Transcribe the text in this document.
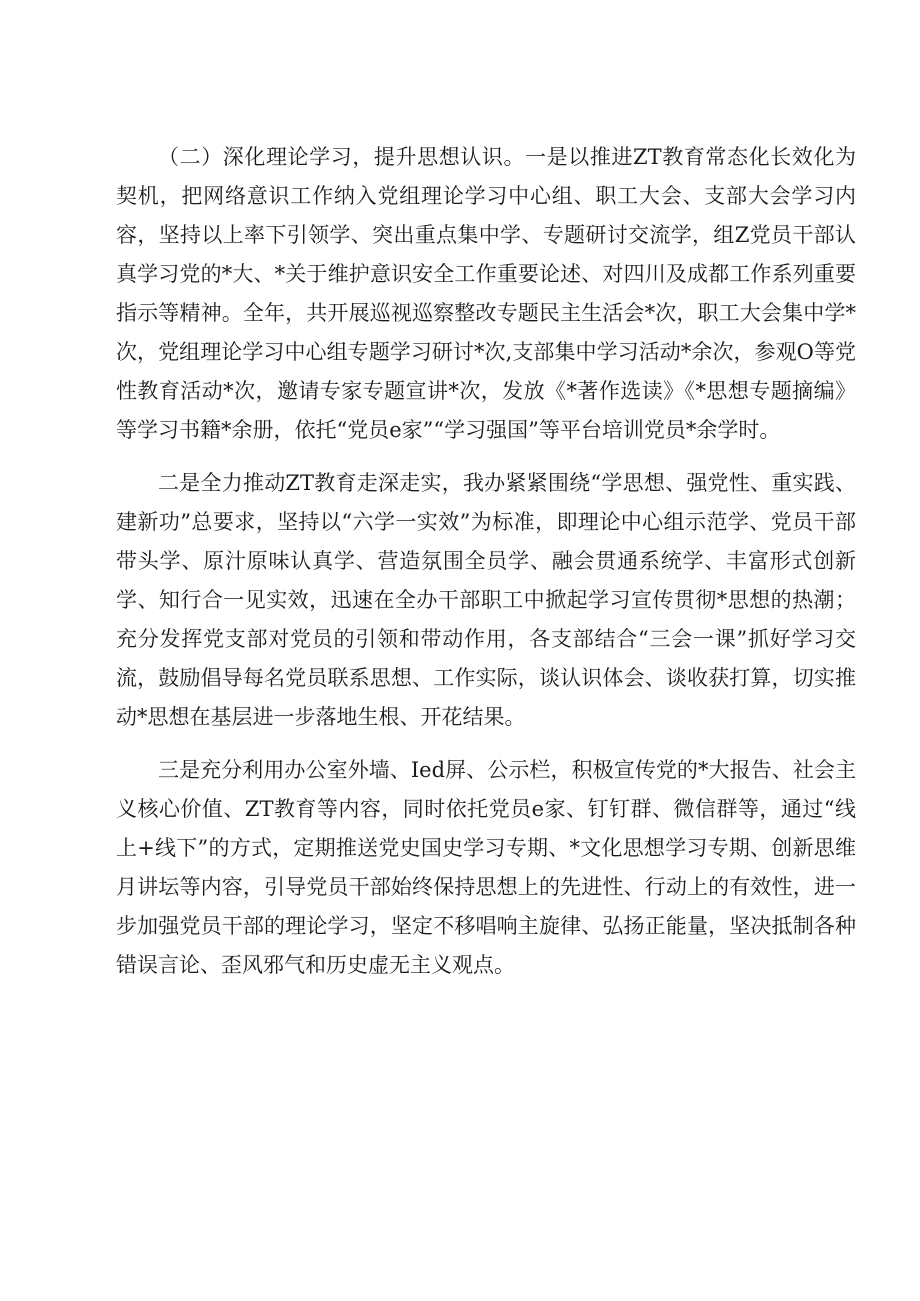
（二）深化理论学习，提升思想认识。一是以推进ZT教育常态化长效化为契机，把网络意识工作纳入党组理论学习中心组、职工大会、支部大会学习内容，坚持以上率下引领学、突出重点集中学、专题研讨交流学，组Z党员干部认真学习党的*大、*关于维护意识安全工作重要论述、对四川及成都工作系列重要指示等精神。全年，共开展巡视巡察整改专题民主生活会*次，职工大会集中学*次，党组理论学习中心组专题学习研讨*次,支部集中学习活动*余次，参观O等党性教育活动*次，邀请专家专题宣讲*次，发放《*著作选读》《*思想专题摘编》等学习书籍*余册，依托“党员e家”“学习强国”等平台培训党员*余学时。

二是全力推动ZT教育走深走实，我办紧紧围绕“学思想、强党性、重实践、建新功”总要求，坚持以“六学一实效”为标准，即理论中心组示范学、党员干部带头学、原汁原味认真学、营造氛围全员学、融会贯通系统学、丰富形式创新学、知行合一见实效，迅速在全办干部职工中掀起学习宣传贯彻*思想的热潮；充分发挥党支部对党员的引领和带动作用，各支部结合“三会一课”抓好学习交流，鼓励倡导每名党员联系思想、工作实际，谈认识体会、谈收获打算，切实推动*思想在基层进一步落地生根、开花结果。

三是充分利用办公室外墙、Ied屏、公示栏，积极宣传党的*大报告、社会主义核心价值、ZT教育等内容，同时依托党员e家、钉钉群、微信群等，通过“线上+线下”的方式，定期推送党史国史学习专期、*文化思想学习专期、创新思维月讲坛等内容，引导党员干部始终保持思想上的先进性、行动上的有效性，进一步加强党员干部的理论学习，坚定不移唱响主旋律、弘扬正能量，坚决抵制各种错误言论、歪风邪气和历史虚无主义观点。
